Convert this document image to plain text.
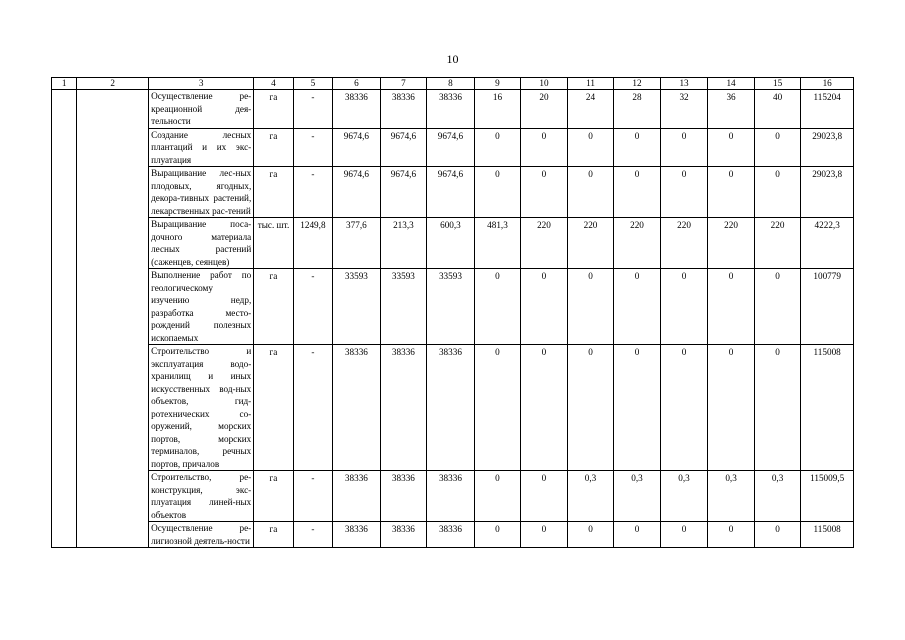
10
1	2	3	4	5	6	7	8	9	10	11	12	13	14	15	16
		Осуществление ре-креационной дея-тельности	га	-	38336	38336	38336	16	20	24	28	32	36	40	115204
		Создание лесных плантаций и их экс-плуатация	га	-	9674,6	9674,6	9674,6	0	0	0	0	0	0	0	29023,8
		Выращивание лес-ных плодовых, ягодных, декора-тивных растений, лекарственных рас-тений	га	-	9674,6	9674,6	9674,6	0	0	0	0	0	0	0	29023,8
		Выращивание поса-дочного материала лесных растений (саженцев, сеянцев)	тыс. шт.	1249,8	377,6	213,3	600,3	481,3	220	220	220	220	220	220	4222,3
		Выполнение работ по геологическому изучению недр, разработка место-рождений полезных ископаемых	га	-	33593	33593	33593	0	0	0	0	0	0	0	100779
		Строительство и эксплуатация водо-хранилищ и иных искусственных вод-ных объектов, гид-ротехнических со-оружений, морских портов, морских терминалов, речных портов, причалов	га	-	38336	38336	38336	0	0	0	0	0	0	0	115008
		Строительство, ре-конструкция, экс-плуатация линей-ных объектов	га	-	38336	38336	38336	0	0	0,3	0,3	0,3	0,3	0,3	115009,5
		Осуществление ре-лигиозной деятель-ности	га	-	38336	38336	38336	0	0	0	0	0	0	0	115008
